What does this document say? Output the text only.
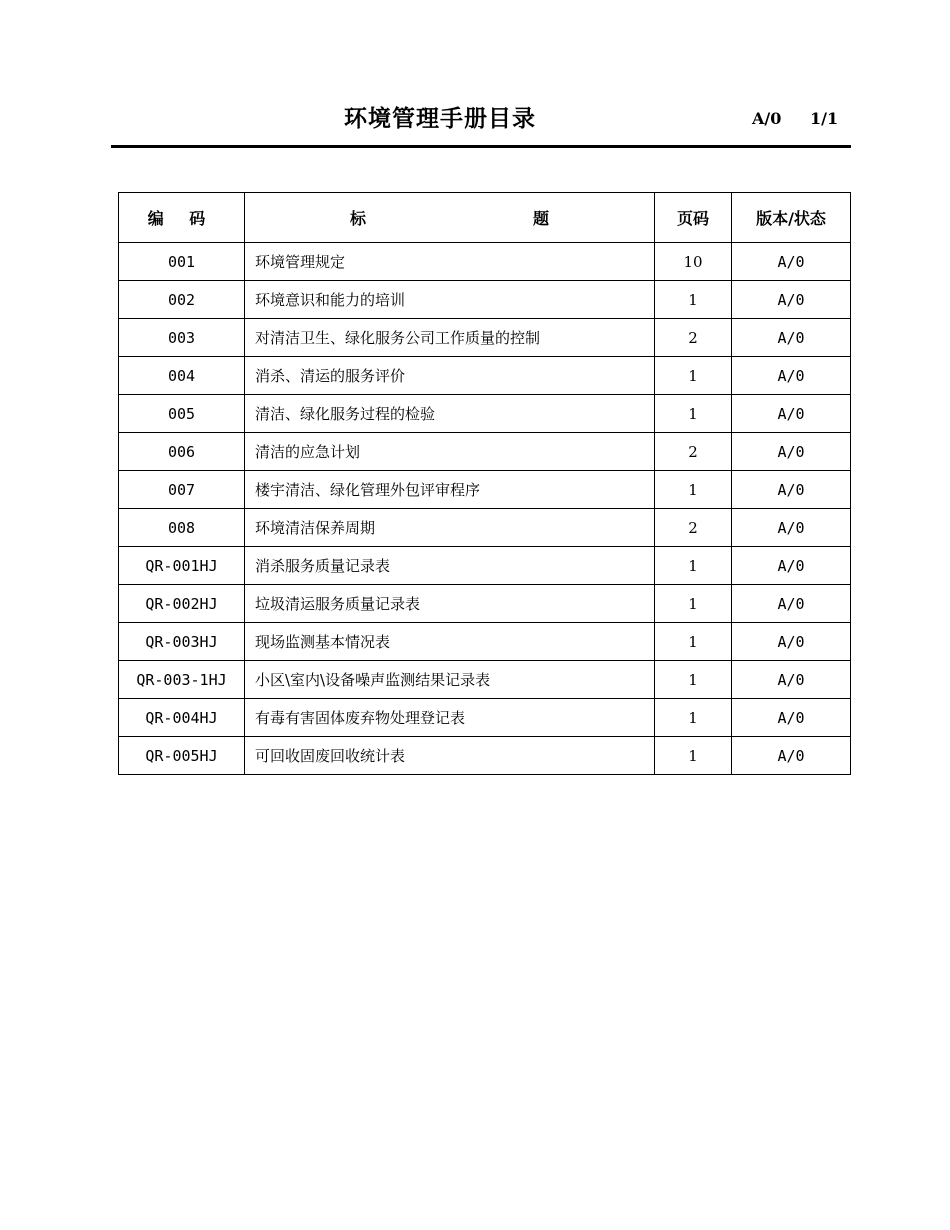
环境管理手册目录	A/0 1/1
编 码	标 题	页码	版本/状态
001	环境管理规定	10	A/0
002	环境意识和能力的培训	1	A/0
003	对清洁卫生、绿化服务公司工作质量的控制	2	A/0
004	消杀、清运的服务评价	1	A/0
005	清洁、绿化服务过程的检验	1	A/0
006	清洁的应急计划	2	A/0
007	楼宇清洁、绿化管理外包评审程序	1	A/0
008	环境清洁保养周期	2	A/0
QR-001HJ	消杀服务质量记录表	1	A/0
QR-002HJ	垃圾清运服务质量记录表	1	A/0
QR-003HJ	现场监测基本情况表	1	A/0
QR-003-1HJ	小区\室内\设备噪声监测结果记录表	1	A/0
QR-004HJ	有毒有害固体废弃物处理登记表	1	A/0
QR-005HJ	可回收固废回收统计表	1	A/0
